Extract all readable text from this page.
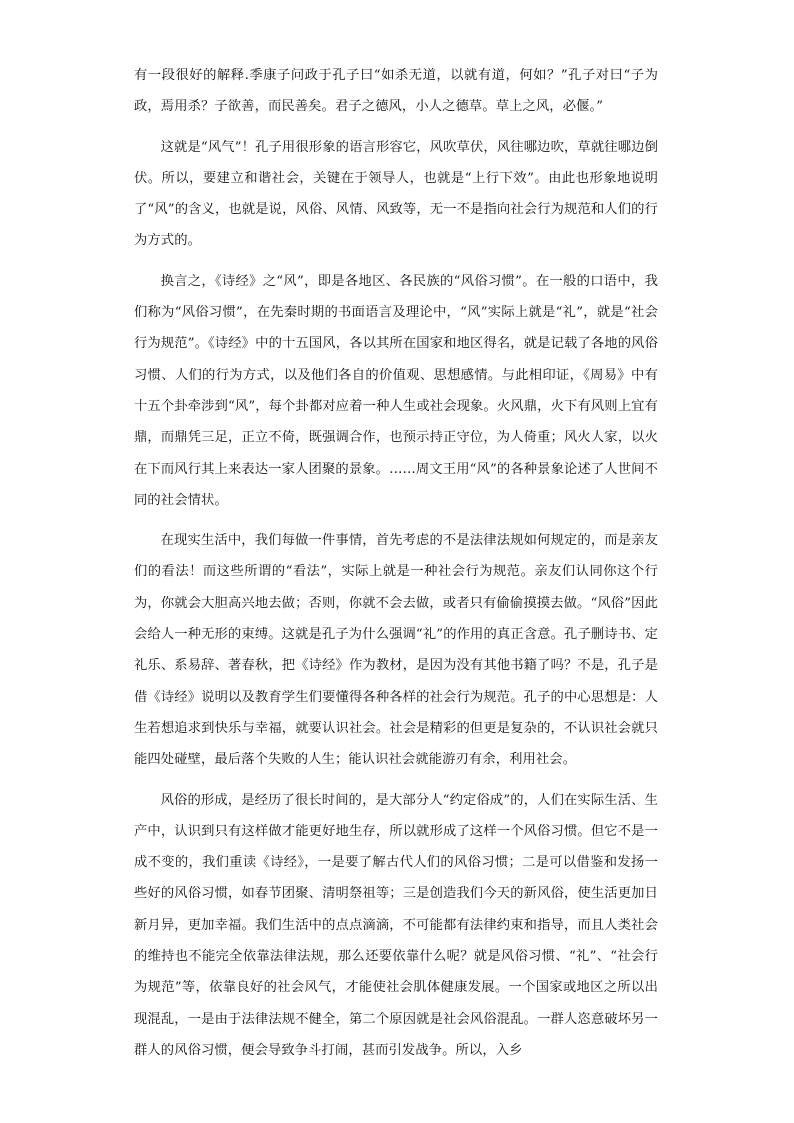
有一段很好的解释.季康子问政于孔子曰“如杀无道，以就有道，何如？”孔子对曰“子为政，焉用杀？子欲善，而民善矣。君子之德风，小人之德草。草上之风，必偃。”

这就是“风气”！孔子用很形象的语言形容它，风吹草伏，风往哪边吹，草就往哪边倒伏。所以，要建立和谐社会，关键在于领导人，也就是“上行下效”。由此也形象地说明了“风”的含义，也就是说，风俗、风情、风致等，无一不是指向社会行为规范和人们的行为方式的。

换言之，《诗经》之“风”，即是各地区、各民族的“风俗习惯”。在一般的口语中，我们称为“风俗习惯”，在先秦时期的书面语言及理论中，“风”实际上就是“礼”，就是“社会行为规范”。《诗经》中的十五国风，各以其所在国家和地区得名，就是记载了各地的风俗习惯、人们的行为方式，以及他们各自的价值观、思想感情。与此相印证，《周易》中有十五个卦牵涉到“风”，每个卦都对应着一种人生或社会现象。火风鼎，火下有风则上宜有鼎，而鼎凭三足，正立不倚，既强调合作，也预示持正守位，为人倚重；风火人家，以火在下而风行其上来表达一家人团聚的景象。……周文王用“风”的各种景象论述了人世间不同的社会情状。

在现实生活中，我们每做一件事情，首先考虑的不是法律法规如何规定的，而是亲友们的看法！而这些所谓的“看法”，实际上就是一种社会行为规范。亲友们认同你这个行为，你就会大胆高兴地去做；否则，你就不会去做，或者只有偷偷摸摸去做。“风俗”因此会给人一种无形的束缚。这就是孔子为什么强调“礼”的作用的真正含意。孔子删诗书、定礼乐、系易辞、著春秋，把《诗经》作为教材，是因为没有其他书籍了吗？不是，孔子是借《诗经》说明以及教育学生们要懂得各种各样的社会行为规范。孔子的中心思想是：人生若想追求到快乐与幸福，就要认识社会。社会是精彩的但更是复杂的，不认识社会就只能四处碰壁，最后落个失败的人生；能认识社会就能游刃有余，利用社会。

风俗的形成，是经历了很长时间的，是大部分人“约定俗成”的，人们在实际生活、生产中，认识到只有这样做才能更好地生存，所以就形成了这样一个风俗习惯。但它不是一成不变的，我们重读《诗经》，一是要了解古代人们的风俗习惯；二是可以借鉴和发扬一些好的风俗习惯，如春节团聚、清明祭祖等；三是创造我们今天的新风俗，使生活更加日新月异，更加幸福。我们生活中的点点滴滴，不可能都有法律约束和指导，而且人类社会的维持也不能完全依靠法律法规，那么还要依靠什么呢？就是风俗习惯、“礼”、“社会行为规范”等，依靠良好的社会风气，才能使社会肌体健康发展。一个国家或地区之所以出现混乱，一是由于法律法规不健全，第二个原因就是社会风俗混乱。一群人恣意破坏另一群人的风俗习惯，便会导致争斗打闹，甚而引发战争。所以，入乡
